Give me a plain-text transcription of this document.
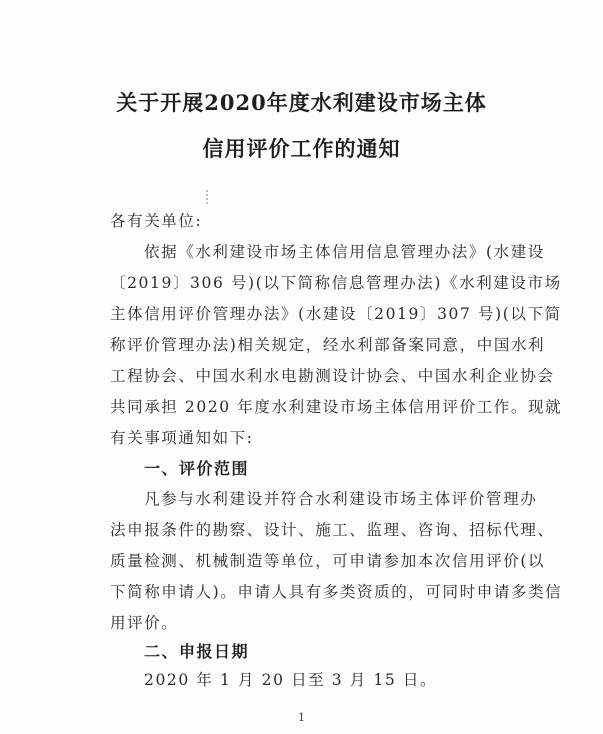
关于开展2020年度水利建设市场主体
信用评价工作的通知
各有关单位:
依据《水利建设市场主体信用信息管理办法》(水建设
〔2019〕306 号)(以下简称信息管理办法)《水利建设市场
主体信用评价管理办法》(水建设〔2019〕307 号)(以下简
称评价管理办法)相关规定，经水利部备案同意，中国水利
工程协会、中国水利水电勘测设计协会、中国水利企业协会
共同承担 2020 年度水利建设市场主体信用评价工作。现就
有关事项通知如下:
一、评价范围
凡参与水利建设并符合水利建设市场主体评价管理办
法申报条件的勘察、设计、施工、监理、咨询、招标代理、
质量检测、机械制造等单位，可申请参加本次信用评价(以
下简称申请人)。申请人具有多类资质的，可同时申请多类信
用评价。
二、申报日期
2020 年 1 月 20 日至 3 月 15 日。
1
